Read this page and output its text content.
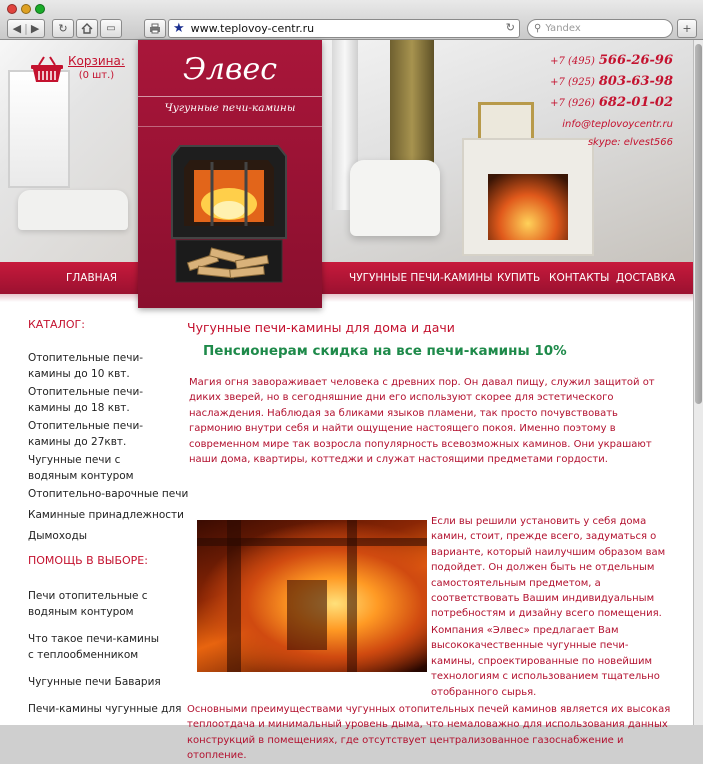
◀ | ▶ ↻	▭	★ www.teplovoy-centr.ru	↻ ⚲ Yandex	+
+7 (495) 566-26-96
+7 (925) 803-63-98
+7 (926) 682-01-02
info@teplovoycentr.ru
skype: elvest566
Корзина:
(0 шт.)
ГЛАВНАЯ	ЧУГУННЫЕ ПЕЧИ-КАМИНЫ КУПИТЬ КОНТАКТЫ ДОСТАВКА
Элвес
Чугунные печи-камины
КАТАЛОГ:
Отопительные печи-камины до 10 квт.
Отопительные печи-камины до 18 квт.
Отопительные печи-камины до 27квт.
Чугунные печи с водяным контуром
Отопительно-варочные печи
Каминные принадлежности
Дымоходы
ПОМОЩЬ В ВЫБОРЕ:
Печи отопительные с водяным контуром
Что такое печи-камины с теплообменником
Чугунные печи Бавария
Печи-камины чугунные для
Чугунные печи-камины для дома и дачи
Пенсионерам скидка на все печи-камины 10%
Магия огня завораживает человека с древних пор. Он давал пищу, служил защитой от
диких зверей, но в сегодняшние дни его используют скорее для эстетического
наслаждения. Наблюдая за бликами языков пламени, так просто почувствовать
гармонию внутри себя и найти ощущение настоящего покоя. Именно поэтому в
современном мире так возросла популярность всевозможных каминов. Они украшают
наши дома, квартиры, коттеджи и служат настоящими предметами гордости.
Если вы решили установить у себя дома
камин, стоит, прежде всего, задуматься о
варианте, который наилучшим образом вам
подойдет. Он должен быть не отдельным
самостоятельным предметом, а
соответствовать Вашим индивидуальным
потребностям и дизайну всего помещения.
Компания «Элвес» предлагает Вам
высококачественные чугунные печи-
камины, спроектированные по новейшим
технологиям с использованием тщательно
отобранного сырья.
Основными преимуществами чугунных отопительных печей каминов является их высокая
теплоотдача и минимальный уровень дыма, что немаловажно для использования данных
конструкций в помещениях, где отсутствует централизованное газоснабжение и
отопление.
